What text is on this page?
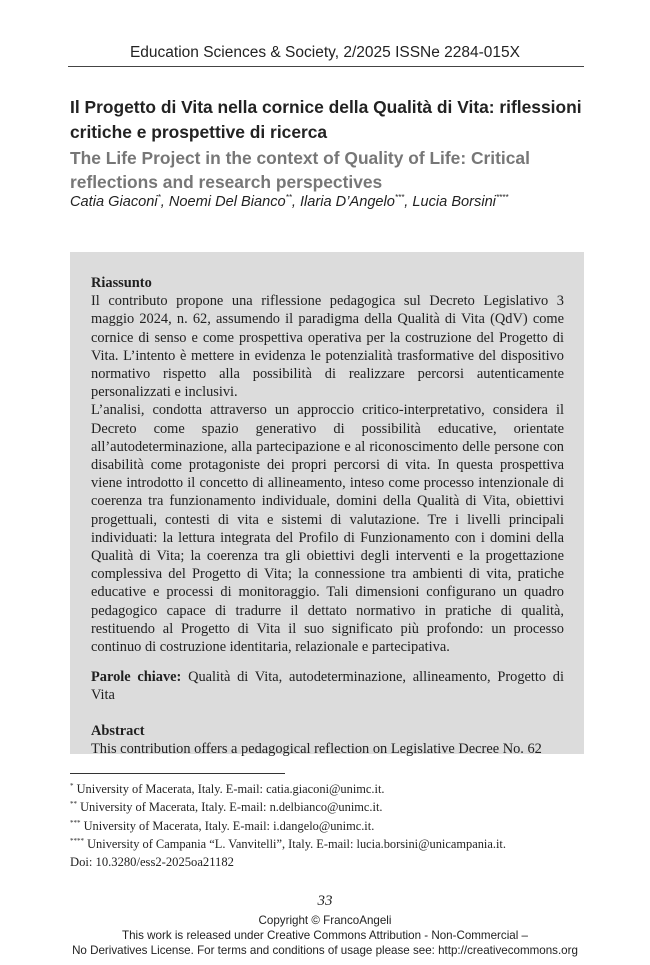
Education Sciences & Society, 2/2025 ISSNe 2284-015X
Il Progetto di Vita nella cornice della Qualità di Vita: riflessioni critiche e prospettive di ricerca
The Life Project in the context of Quality of Life: Critical reflections and research perspectives
Catia Giaconi*, Noemi Del Bianco**, Ilaria D’Angelo***, Lucia Borsini****

Riassunto

Il contributo propone una riflessione pedagogica sul Decreto Legislativo 3 maggio 2024, n. 62, assumendo il paradigma della Qualità di Vita (QdV) come cornice di senso e come prospettiva operativa per la costruzione del Progetto di Vita. L’intento è mettere in evidenza le potenzialità trasformative del dispositivo normativo rispetto alla possibilità di realizzare percorsi autenticamente personalizzati e inclusivi.

L’analisi, condotta attraverso un approccio critico-interpretativo, considera il Decreto come spazio generativo di possibilità educative, orientate all’autodeterminazione, alla partecipazione e al riconoscimento delle persone con disabilità come protagoniste dei propri percorsi di vita. In questa prospettiva viene introdotto il concetto di allineamento, inteso come processo intenzionale di coerenza tra funzionamento individuale, domini della Qualità di Vita, obiettivi progettuali, contesti di vita e sistemi di valutazione. Tre i livelli principali individuati: la lettura integrata del Profilo di Funzionamento con i domini della Qualità di Vita; la coerenza tra gli obiettivi degli interventi e la progettazione complessiva del Progetto di Vita; la connessione tra ambienti di vita, pratiche educative e processi di monitoraggio. Tali dimensioni configurano un quadro pedagogico capace di tradurre il dettato normativo in pratiche di qualità, restituendo al Progetto di Vita il suo significato più profondo: un processo continuo di costruzione identitaria, relazionale e partecipativa.

Parole chiave: Qualità di Vita, autodeterminazione, allineamento, Progetto di Vita

Abstract

This contribution offers a pedagogical reflection on Legislative Decree No. 62

* University of Macerata, Italy. E-mail: catia.giaconi@unimc.it.

** University of Macerata, Italy. E-mail: n.delbianco@unimc.it.

*** University of Macerata, Italy. E-mail: i.dangelo@unimc.it.

**** University of Campania “L. Vanvitelli”, Italy. E-mail: lucia.borsini@unicampania.it.

Doi: 10.3280/ess2-2025oa21182
33
Copyright © FrancoAngeli
This work is released under Creative Commons Attribution - Non-Commercial –
No Derivatives License. For terms and conditions of usage please see: http://creativecommons.org
